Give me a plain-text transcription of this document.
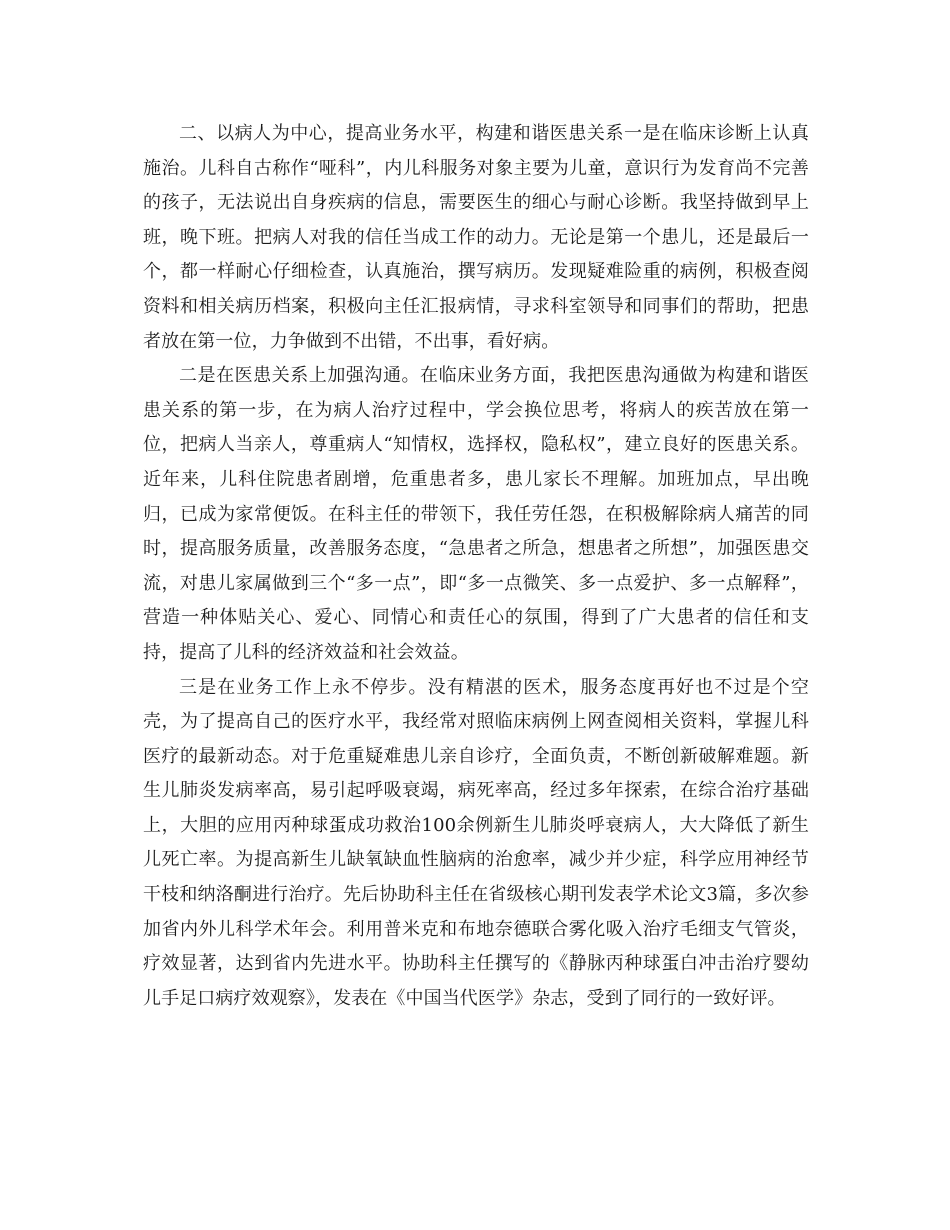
二、以病人为中心，提高业务水平，构建和谐医患关系一是在临床诊断上认真施治。儿科自古称作“哑科”，内儿科服务对象主要为儿童，意识行为发育尚不完善的孩子，无法说出自身疾病的信息，需要医生的细心与耐心诊断。我坚持做到早上班，晚下班。把病人对我的信任当成工作的动力。无论是第一个患儿，还是最后一个，都一样耐心仔细检查，认真施治，撰写病历。发现疑难险重的病例，积极查阅资料和相关病历档案，积极向主任汇报病情，寻求科室领导和同事们的帮助，把患者放在第一位，力争做到不出错，不出事，看好病。

二是在医患关系上加强沟通。在临床业务方面，我把医患沟通做为构建和谐医患关系的第一步，在为病人治疗过程中，学会换位思考，将病人的疾苦放在第一位，把病人当亲人，尊重病人“知情权，选择权，隐私权”，建立良好的医患关系。近年来，儿科住院患者剧增，危重患者多，患儿家长不理解。加班加点，早出晚归，已成为家常便饭。在科主任的带领下，我任劳任怨，在积极解除病人痛苦的同时，提高服务质量，改善服务态度，“急患者之所急，想患者之所想”，加强医患交流，对患儿家属做到三个“多一点”，即“多一点微笑、多一点爱护、多一点解释”，营造一种体贴关心、爱心、同情心和责任心的氛围，得到了广大患者的信任和支持，提高了儿科的经济效益和社会效益。

三是在业务工作上永不停步。没有精湛的医术，服务态度再好也不过是个空壳，为了提高自己的医疗水平，我经常对照临床病例上网查阅相关资料，掌握儿科医疗的最新动态。对于危重疑难患儿亲自诊疗，全面负责，不断创新破解难题。新生儿肺炎发病率高，易引起呼吸衰竭，病死率高，经过多年探索，在综合治疗基础上，大胆的应用丙种球蛋成功救治100余例新生儿肺炎呼衰病人，大大降低了新生儿死亡率。为提高新生儿缺氧缺血性脑病的治愈率，减少并少症，科学应用神经节干枝和纳洛酮进行治疗。先后协助科主任在省级核心期刊发表学术论文3篇，多次参加省内外儿科学术年会。利用普米克和布地奈德联合雾化吸入治疗毛细支气管炎，疗效显著，达到省内先进水平。协助科主任撰写的《静脉丙种球蛋白冲击治疗婴幼儿手足口病疗效观察》，发表在《中国当代医学》杂志，受到了同行的一致好评。
